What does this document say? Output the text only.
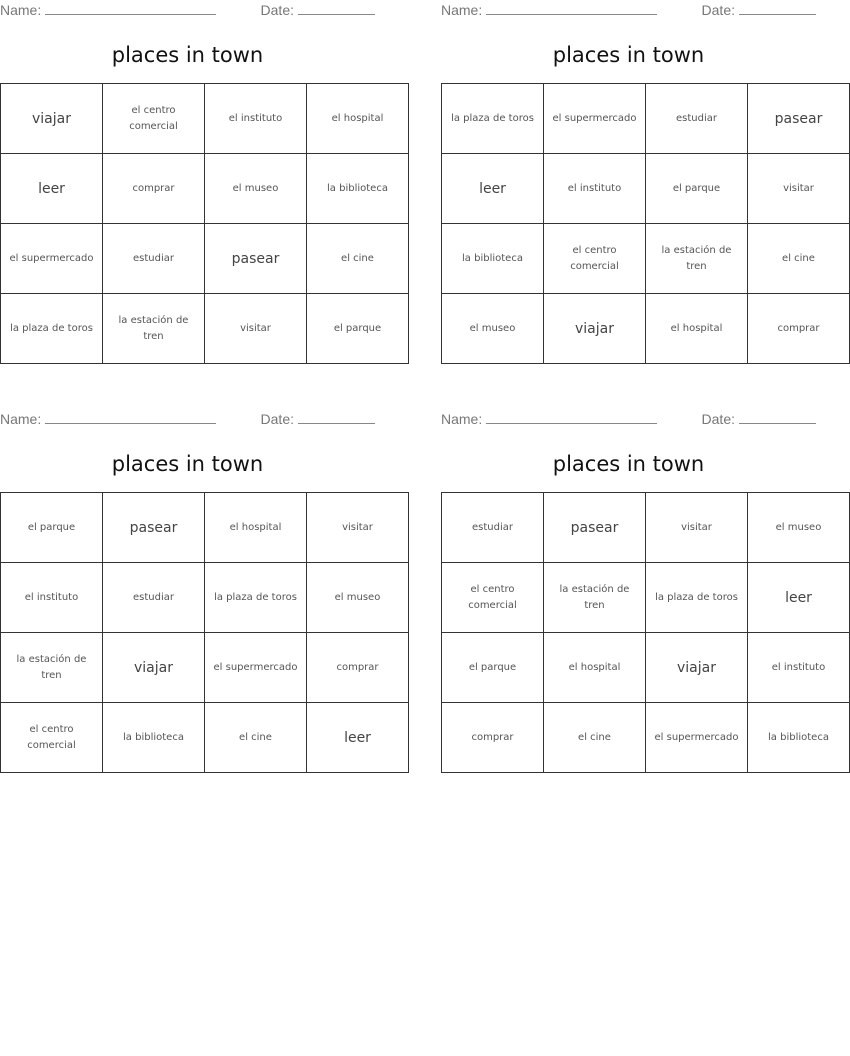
Name:	Date:
places in town
viajar	el centro comercial	el instituto	el hospital
leer	comprar	el museo	la biblioteca
el supermercado	estudiar	pasear	el cine
la plaza de toros	la estación de tren	visitar	el parque
Name:	Date:
places in town
la plaza de toros	el supermercado	estudiar	pasear
leer	el instituto	el parque	visitar
la biblioteca	el centro comercial	la estación de tren	el cine
el museo	viajar	el hospital	comprar
Name:	Date:
places in town
el parque	pasear	el hospital	visitar
el instituto	estudiar	la plaza de toros	el museo
la estación de tren	viajar	el supermercado	comprar
el centro comercial	la biblioteca	el cine	leer
Name:	Date:
places in town
estudiar	pasear	visitar	el museo
el centro comercial	la estación de tren	la plaza de toros	leer
el parque	el hospital	viajar	el instituto
comprar	el cine	el supermercado	la biblioteca
